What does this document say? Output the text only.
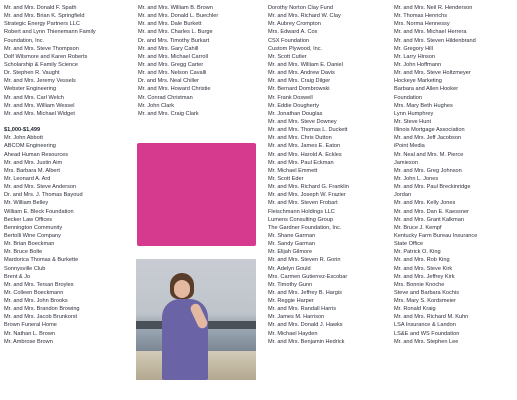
Mr. and Mrs. Donald F. Spath
Mr. and Mrs. Brian K. Springfield
Strategic Energy Partners LLC
Robert and Lynn Thienemann Family
Foundation, Inc.
Mr. and Mrs. Steve Thompson
Dolf Wilsmore and Karen Roberts
Scholarship & Family Science
Dr. Stephen R. Vaught
Mr. and Mrs. Jeremy Vessels
Webster Engineering
Mr. and Mrs. Carl Welch
Mr. and Mrs. William Wessel
Mr. and Mrs. Michael Widget
$1,000-$1,499
Mr. John Abbott
ABCOM Engineering
Ahead Human Resources
Mr. and Mrs. Justin Aim
Mrs. Barbara M. Albert
Mr. Leonard A. Ard
Mr. and Mrs. Steve Anderson
Dr. and Mrs. J. Thomas Bayoud
Mr. William Belley
William E. Bleck Foundation
Becker Law Offices
Bennington Community
Bertolli Wine Company
Mr. Brian Boeckman
Mr. Bruce Bolte
Mardorica Thomas & Burkette
Sonnysville Club
Brent & Jo
Mr. and Mrs. Tersan Broyles
Mr. Colleen Boeckmann
Mr. and Mrs. John Brooks
Mr. and Mrs. Brandon Browing
Mr. and Mrs. Jacob Brunkorst
Brown Funeral Home
Mr. Nathan L. Brown
Mr. Ambrose Brown
Mr. and Mrs. William B. Brown
Mr. and Mrs. Donald L. Buechler
Mr. and Mrs. Dale Burkett
Mr. and Mrs. Charles L. Burge
Dr. and Mrs. Timothy Burkart
Mr. and Mrs. Gary Cahill
Mr. and Mrs. Michael Carroll
Mr. and Mrs. Gregg Carter
Mr. and Mrs. Nelson Cavalli
Dr. and Mrs. Neal Chiller
Mr. and Mrs. Howard Christie
Mr. Conrad Christman
Mr. John Clark
Mr. and Mrs. Craig Clark
Dorothy Norton Clay Fund
Mr. and Mrs. Richard W. Clay
Mr. Aubrey Crompton
Mrs. Edward A. Cox
CSX Foundation
Custom Plywood, Inc.
Mr. Scott Cutler
Mr. and Mrs. William E. Daniel
Mr. and Mrs. Andrew Davis
Mr. and Mrs. Craig Dilger
Mr. Bernard Dombrowski
Mr. Frank Doswell
Mr. Eddie Dougherty
Mr. Jonathan Douglas
Mr. and Mrs. Steve Downey
Mr. and Mrs. Thomas L. Duckett
Mr. and Mrs. Chris Dutton
Mr. and Mrs. James E. Eaton
Mr. and Mrs. Harold A. Eckles
Mr. and Mrs. Paul Eckman
Mr. Michael Emmett
Mr. Scott Eder
Mr. and Mrs. Richard G. Franklin
Mr. and Mrs. Joseph W. Frazier
Mr. and Mrs. Steven Frobart
Fleischmann Holdings LLC
Lumens Consulting Group
The Gardner Foundation, Inc.
Mr. Shane Garman
Mr. Sandy Garman
Mr. Elijah Gilmore
Mr. and Mrs. Steven R. Gorin
Mr. Adelyn Gould
Mrs. Carmen Gutierrez-Escobar
Mr. Timothy Gunn
Mr. and Mrs. Jeffrey B. Hargis
Mr. Reggie Harper
Mr. and Mrs. Randall Harris
Mr. James M. Harrison
Mr. and Mrs. Donald J. Hawks
Mr. Michael Hayden
Mr. and Mrs. Benjamin Hedrick
Mr. and Mrs. Neil R. Henderson
Mr. Thomas Henrichs
Mrs. Norma Hennessy
Mr. and Mrs. Michael Herrera
Mr. and Mrs. Steven Hildenbrand
Mr. Gregory Hill
Mr. Larry Hinson
Mr. John Hoffmann
Mr. and Mrs. Steve Holtzmeyer
Hockeye Marketing
Barbara and Allen Hooker
Foundation
Mrs. Mary Beth Hughes
Lynn Humphrey
Mr. Steve Hunt
Illinois Mortgage Association
Mr. and Mrs. Jeff Jacobson
iPoint Media
Mr. Neal and Mrs. M. Pierce
Jamieson
Mr. and Mrs. Greg Johnson
Mr. John L. Jones
Mr. and Mrs. Paul Breckinridge
Jordan
Mr. and Mrs. Kelly Jones
Mr. and Mrs. Dan E. Kaessner
Mr. and Mrs. Grant Kalkman
Mr. Bruce J. Kempf
Kentucky Farm Bureau Insurance
State Office
Mr. Patrick O. King
Mr. and Mrs. Rob King
Mr. and Mrs. Steve Kirk
Mr. and Mrs. Jeffrey Kirk
Mrs. Bonnie Knoche
Steve and Barbara Kochis
Mrs. Mary S. Kordsmeier
Mr. Ronald Kraig
Mr. and Mrs. Richard M. Kuhn
LSA Insurance & Landon
LS&E and WS Foundation
Mr. and Mrs. Stephen Lee
